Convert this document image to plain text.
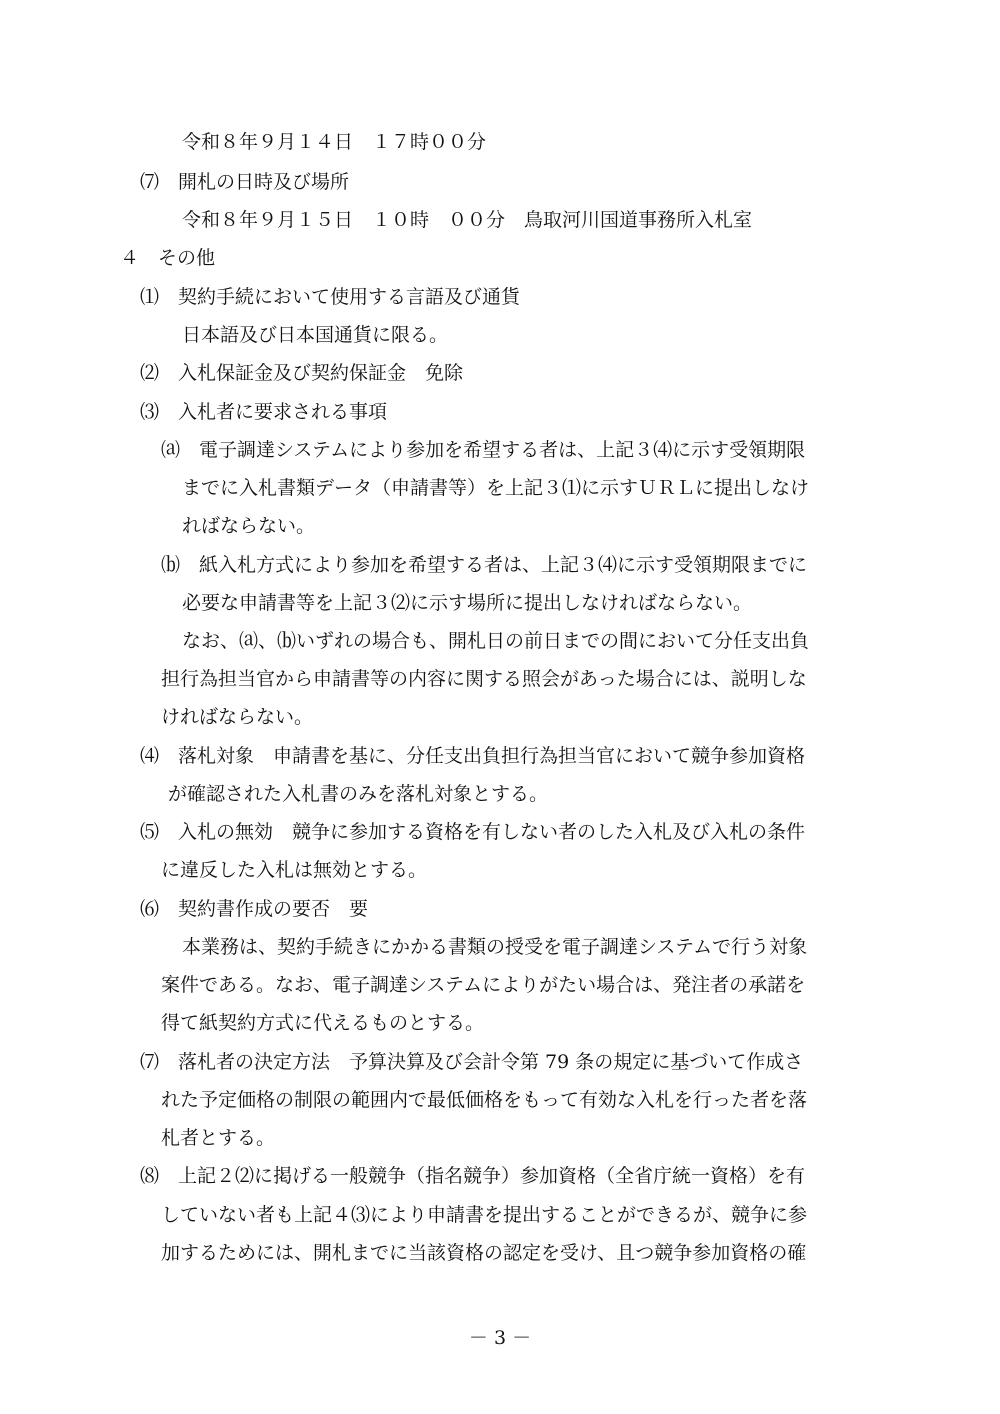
令和８年９月１４日　１７時００分
⑺　開札の日時及び場所
令和８年９月１５日　１０時　００分　鳥取河川国道事務所入札室
４　その他
⑴　契約手続において使用する言語及び通貨
日本語及び日本国通貨に限る。
⑵　入札保証金及び契約保証金　免除
⑶　入札者に要求される事項
⒜　電子調達システムにより参加を希望する者は、上記３⑷に示す受領期限
までに入札書類データ（申請書等）を上記３⑴に示すＵＲＬに提出しなけ
ればならない。
⒝　紙入札方式により参加を希望する者は、上記３⑷に示す受領期限までに
必要な申請書等を上記３⑵に示す場所に提出しなければならない。
なお、⒜、⒝いずれの場合も、開札日の前日までの間において分任支出負
担行為担当官から申請書等の内容に関する照会があった場合には、説明しな
ければならない。
⑷　落札対象　申請書を基に、分任支出負担行為担当官において競争参加資格
が確認された入札書のみを落札対象とする。
⑸　入札の無効　競争に参加する資格を有しない者のした入札及び入札の条件
に違反した入札は無効とする。
⑹　契約書作成の要否　要
本業務は、契約手続きにかかる書類の授受を電子調達システムで行う対象
案件である。なお、電子調達システムによりがたい場合は、発注者の承諾を
得て紙契約方式に代えるものとする。
⑺　落札者の決定方法　予算決算及び会計令第 79 条の規定に基づいて作成さ
れた予定価格の制限の範囲内で最低価格をもって有効な入札を行った者を落
札者とする。
⑻　上記２⑵に掲げる一般競争（指名競争）参加資格（全省庁統一資格）を有
していない者も上記４⑶により申請書を提出することができるが、競争に参
加するためには、開札までに当該資格の認定を受け、且つ競争参加資格の確
－ 3 －
